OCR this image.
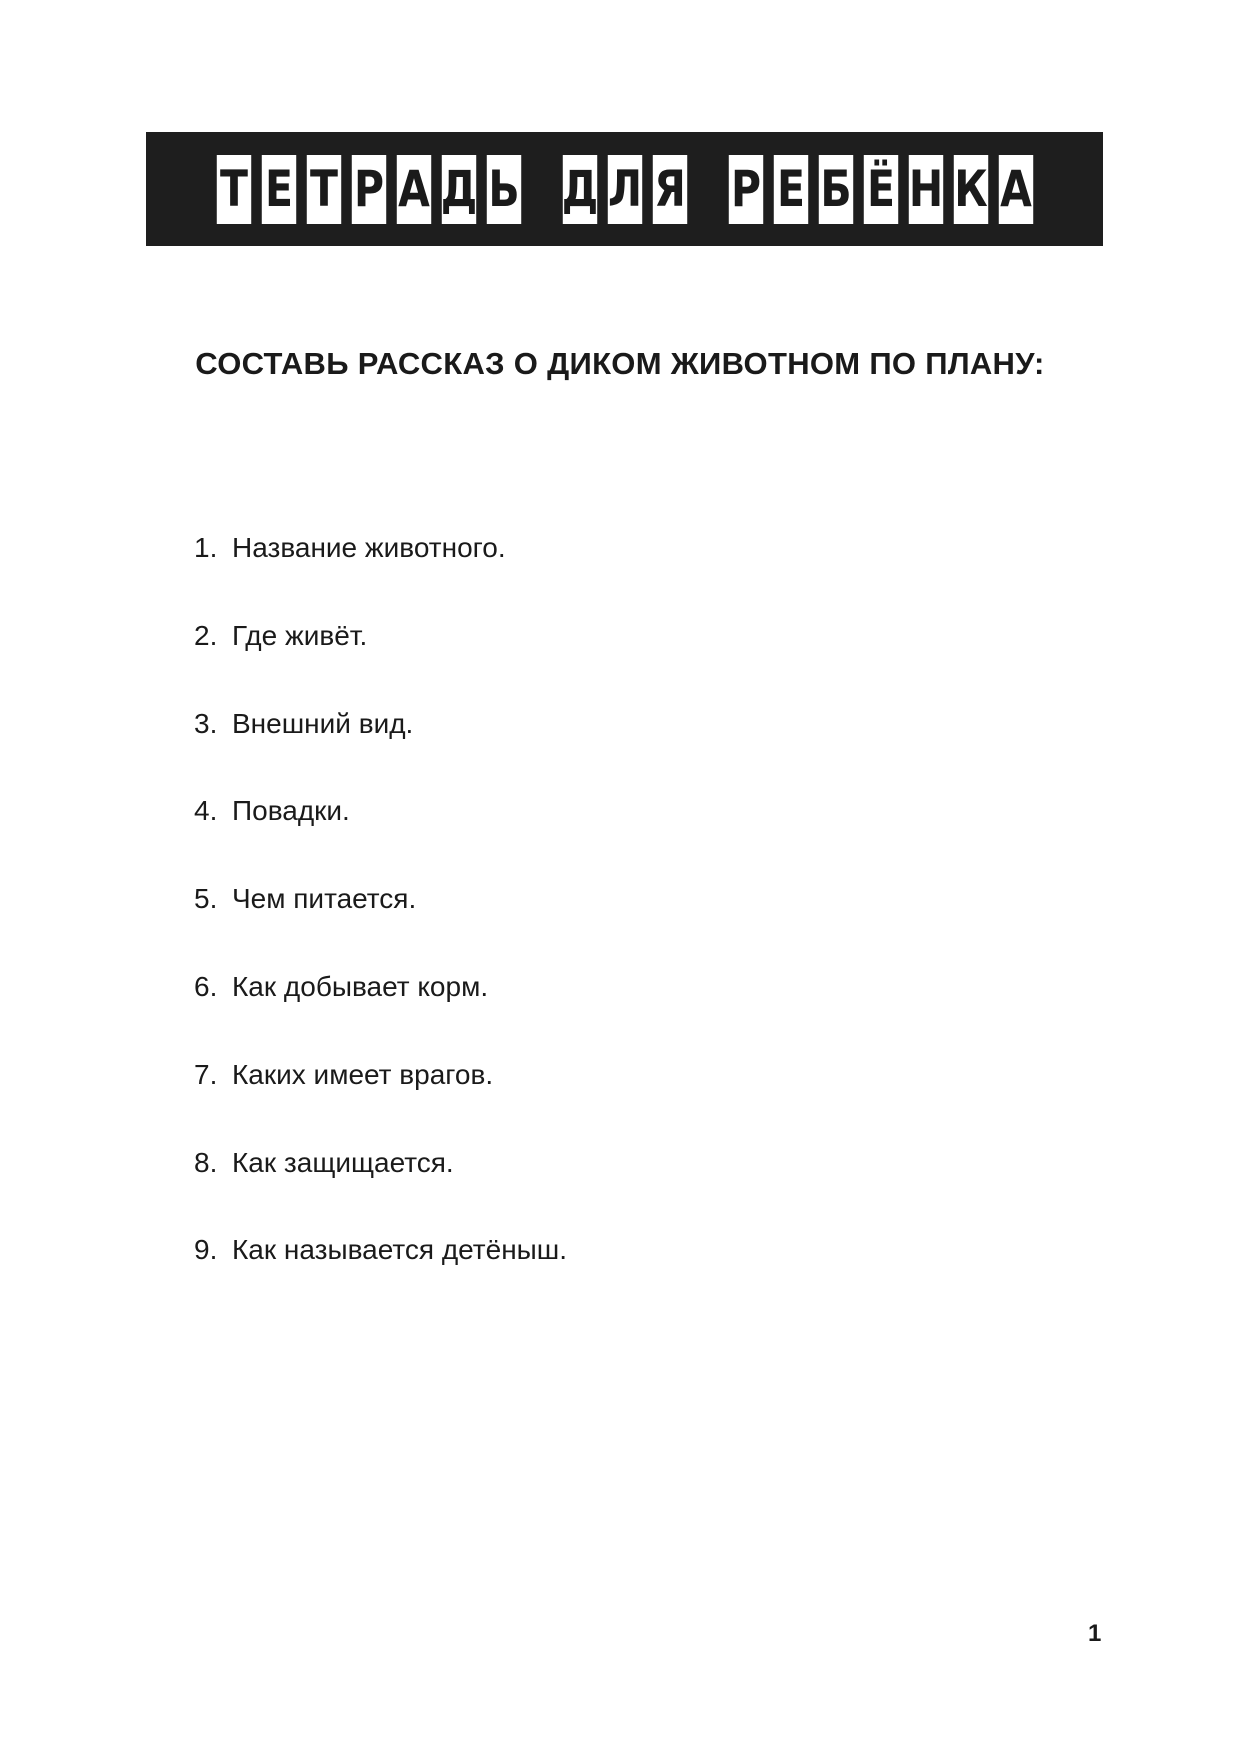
Т Е Т Р А Д Ь Д Л Я Р Е Б Ё Н К А
СОСТАВЬ РАССКАЗ О ДИКОМ ЖИВОТНОМ ПО ПЛАНУ:
1. Название животного.
2. Где живёт.
3. Внешний вид.
4. Повадки.
5. Чем питается.
6. Как добывает корм.
7. Каких имеет врагов.
8. Как защищается.
9. Как называется детёныш.
1
